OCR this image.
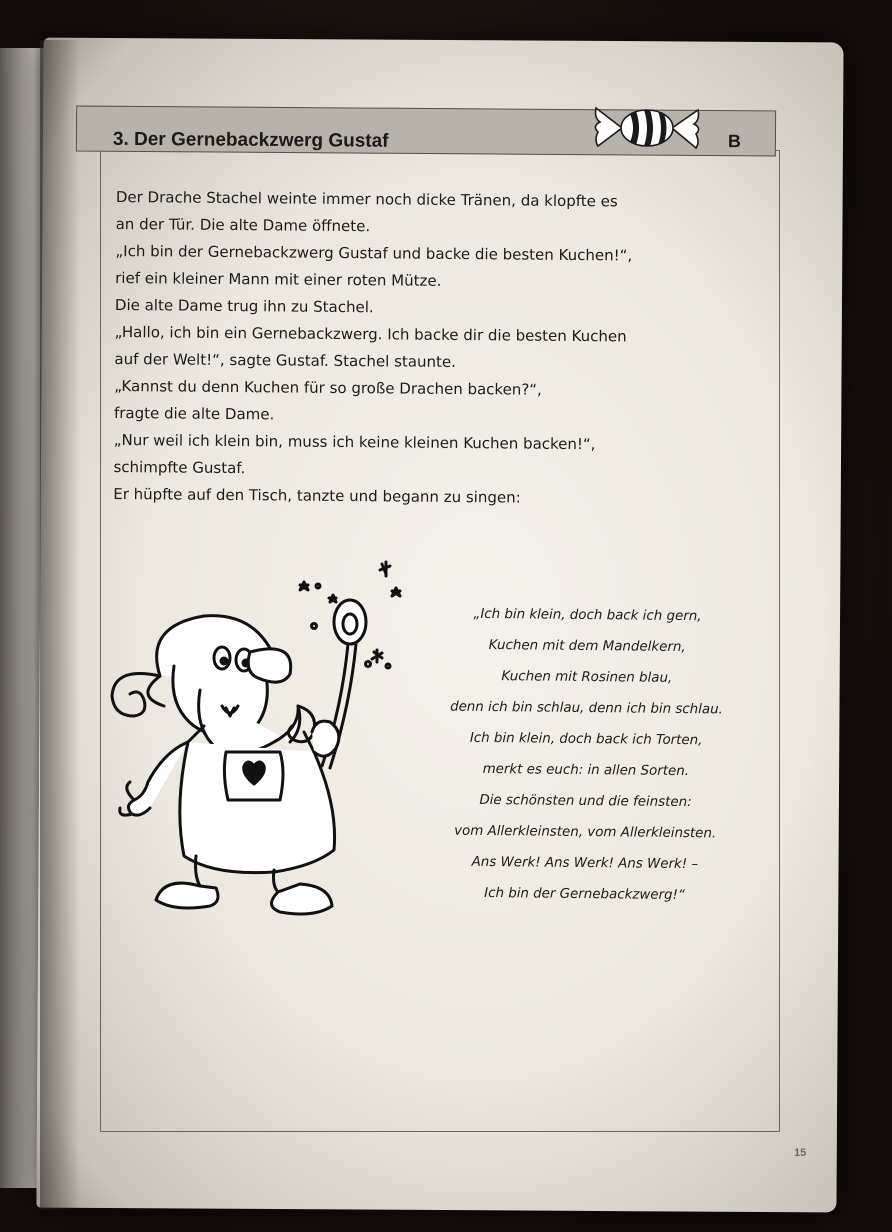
3. Der Gernebackzwerg Gustaf	B

Der Drache Stachel weinte immer noch dicke Tränen, da klopfte es

an der Tür. Die alte Dame öffnete.

„Ich bin der Gernebackzwerg Gustaf und backe die besten Kuchen!“,

rief ein kleiner Mann mit einer roten Mütze.

Die alte Dame trug ihn zu Stachel.

„Hallo, ich bin ein Gernebackzwerg. Ich backe dir die besten Kuchen

auf der Welt!“, sagte Gustaf. Stachel staunte.

„Kannst du denn Kuchen für so große Drachen backen?“,

fragte die alte Dame.

„Nur weil ich klein bin, muss ich keine kleinen Kuchen backen!“,

schimpfte Gustaf.

Er hüpfte auf den Tisch, tanzte und begann zu singen:

„Ich bin klein, doch back ich gern,

Kuchen mit dem Mandelkern,

Kuchen mit Rosinen blau,

denn ich bin schlau, denn ich bin schlau.

Ich bin klein, doch back ich Torten,

merkt es euch: in allen Sorten.

Die schönsten und die feinsten:

vom Allerkleinsten, vom Allerkleinsten.

Ans Werk! Ans Werk! Ans Werk! –

Ich bin der Gernebackzwerg!“

15
